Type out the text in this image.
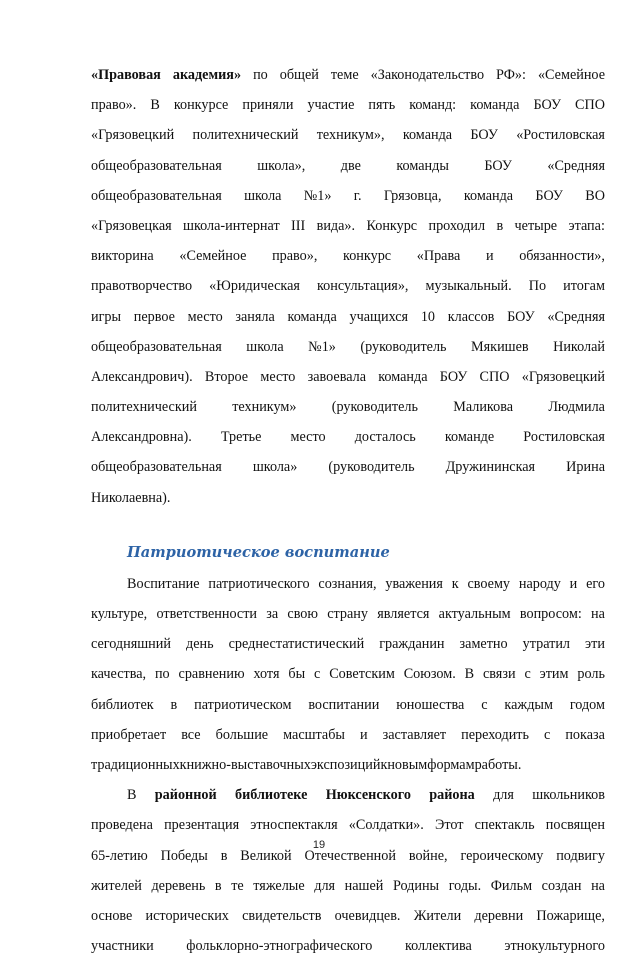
«Правовая академия» по общей теме «Законодательство РФ»: «Семейное
право». В конкурсе приняли участие пять команд: команда БОУ СПО
«Грязовецкий политехнический техникум», команда БОУ «Ростиловская
общеобразовательная школа», две команды БОУ «Средняя
общеобразовательная школа №1» г. Грязовца, команда БОУ ВО
«Грязовецкая школа-интернат III вида». Конкурс проходил в четыре этапа:
викторина «Семейное право», конкурс «Права и обязанности»,
правотворчество «Юридическая консультация», музыкальный. По итогам
игры первое место заняла команда учащихся 10 классов БОУ «Средняя
общеобразовательная школа №1» (руководитель Мякишев Николай
Александрович). Второе место завоевала команда БОУ СПО «Грязовецкий
политехнический техникум» (руководитель Маликова Людмила
Александровна). Третье место досталось команде Ростиловская
общеобразовательная школа» (руководитель Дружининская Ирина
Николаевна).
Патриотическое воспитание
Воспитание патриотического сознания, уважения к своему народу и его
культуре, ответственности за свою страну является актуальным вопросом: на
сегодняшний день среднестатистический гражданин заметно утратил эти
качества, по сравнению хотя бы с Советским Союзом. В связи с этим роль
библиотек в патриотическом воспитании юношества с каждым годом
приобретает все большие масштабы и заставляет переходить с показа
традиционных книжно-выставочных экспозиций к новым формам работы.
В районной библиотеке Нюксенского района для школьников
проведена презентация этноспектакля «Солдатки». Этот спектакль посвящен
65-летию Победы в Великой Отечественной войне, героическому подвигу
жителей деревень в те тяжелые для нашей Родины годы. Фильм создан на
основе исторических свидетельств очевидцев. Жители деревни Пожарище,
участники фольклорно-этнографического коллектива этнокультурного
19
